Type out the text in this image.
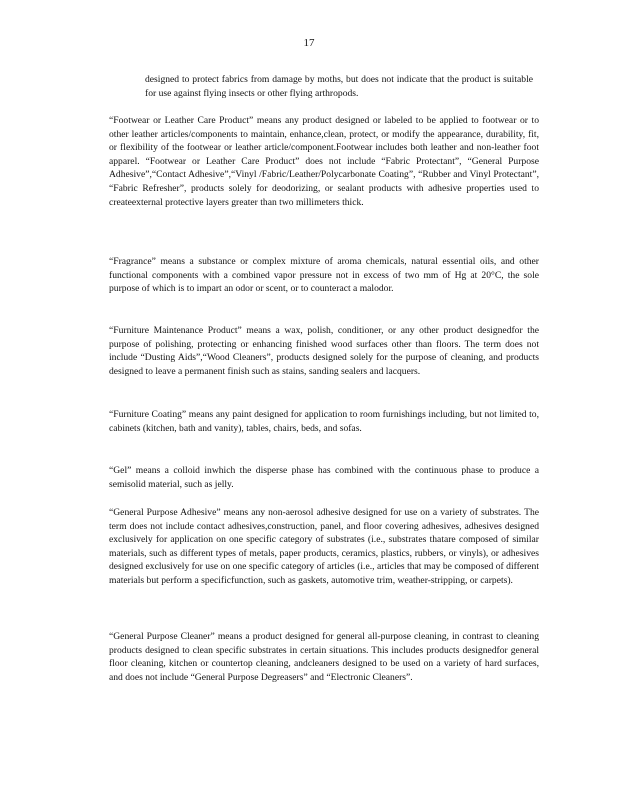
17

designed to protect fabrics from damage by moths, but does not indicate that the product is suitable for use against flying insects or other flying arthropods.

“Footwear or Leather Care Product” means any product designed or labeled to be applied to footwear or to other leather articles/components to maintain, enhance,clean, protect, or modify the appearance, durability, fit, or flexibility of the footwear or leather article/component.Footwear includes both leather and non-leather foot apparel. “Footwear or Leather Care Product” does not include “Fabric Protectant”, “General Purpose Adhesive”,“Contact Adhesive”,“Vinyl /Fabric/Leather/Polycarbonate Coating”, “Rubber and Vinyl Protectant”, “Fabric Refresher”, products solely for deodorizing, or sealant products with adhesive properties used to createexternal protective layers greater than two millimeters thick.

“Fragrance” means a substance or complex mixture of aroma chemicals, natural essential oils, and other functional components with a combined vapor pressure not in excess of two mm of Hg at 20°C, the sole purpose of which is to impart an odor or scent, or to counteract a malodor.

“Furniture Maintenance Product” means a wax, polish, conditioner, or any other product designedfor the purpose of polishing, protecting or enhancing finished wood surfaces other than floors. The term does not include “Dusting Aids”,“Wood Cleaners”, products designed solely for the purpose of cleaning, and products designed to leave a permanent finish such as stains, sanding sealers and lacquers.

“Furniture Coating” means any paint designed for application to room furnishings including, but not limited to, cabinets (kitchen, bath and vanity), tables, chairs, beds, and sofas.

“Gel” means a colloid inwhich the disperse phase has combined with the continuous phase to produce a semisolid material, such as jelly.

“General Purpose Adhesive” means any non-aerosol adhesive designed for use on a variety of substrates. The term does not include contact adhesives,construction, panel, and floor covering adhesives, adhesives designed exclusively for application on one specific category of substrates (i.e., substrates thatare composed of similar materials, such as different types of metals, paper products, ceramics, plastics, rubbers, or vinyls), or adhesives designed exclusively for use on one specific category of articles (i.e., articles that may be composed of different materials but perform a specificfunction, such as gaskets, automotive trim, weather-stripping, or carpets).

“General Purpose Cleaner” means a product designed for general all-purpose cleaning, in contrast to cleaning products designed to clean specific substrates in certain situations. This includes products designedfor general floor cleaning, kitchen or countertop cleaning, andcleaners designed to be used on a variety of hard surfaces, and does not include “General Purpose Degreasers” and “Electronic Cleaners”.
